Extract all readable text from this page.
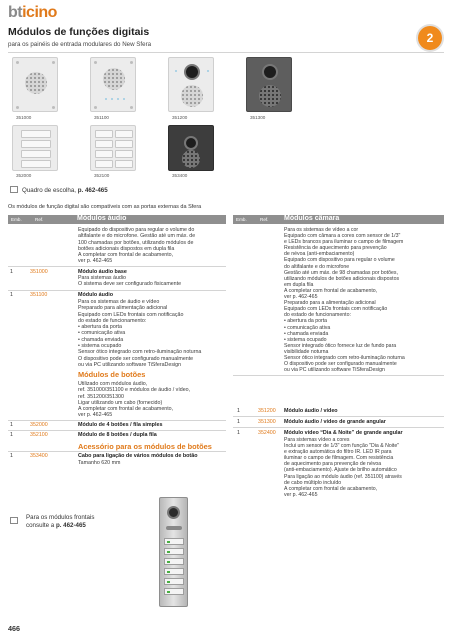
bticino
Módulos de funções digitais
para os painéis de entrada modulares do New Sfera	2
351000	351100	351200	351300
352000	352100	353400
Quadro de escolha, p. 462-465
Os módulos de função digital são compatíveis com as portas externas da Sfera
Emb.	Ref.	Módulos áudio	Emb.	Ref. Módulos câmara
Equipado do dispositivo para regular o volume do
altifalante e do microfone. Gestão até um máx. de
100 chamadas por botões, utilizando módulos de
botões adicionais dispostos em dupla fila
A completar com frontal de acabamento,
ver p. 462-465
1	351000	Módulo áudio base
Para sistemas áudio
O sistema deve ser configurado fisicamente
1	351100	Módulo áudio
Para os sistemas de áudio e vídeo
Preparado para alimentação adicional
Equipado com LEDs frontais com notificação
do estado de funcionamento:
• abertura da porta
• comunicação ativa
• chamada enviada
• sistema ocupado
Sensor ótico integrado com retro-iluminação noturna
O dispositivo pode ser configurado manualmente
ou via PC utilizando software TiSferaDesign
Módulos de botões
Utilizado com módulos áudio,
ref. 351000/351100 e módulos de áudio / vídeo,
ref. 351200/351300
Ligar utilizando um cabo (fornecido)
A completar com frontal de acabamento,
ver p. 462-465
1	352000	Módulo de 4 botões / fila simples
1	352100	Módulo de 8 botões / dupla fila
Acessório para os módulos de botões
1	353400	Cabo para ligação de vários módulos de botão
Tamanho 620 mm
Para os sistemas de vídeo a cor
Equipado com câmara a cores com sensor de 1/3"
e LEDs brancos para iluminar o campo de filmagem
Resistência de aquecimento para prevenção
de névoa (anti-embaciamento)
Equipado com dispositivo para regular o volume
do altifalante e do microfone
Gestão até um máx. de 98 chamadas por botões,
utilizando módulos de botões adicionais dispostos
em dupla fila
A completar com frontal de acabamento,
ver p. 462-465
Preparado para a alimentação adicional
Equipado com LEDs frontais com notificação
do estado de funcionamento:
• abertura da porta
• comunicação ativa
• chamada enviada
• sistema ocupado
Sensor integrado ótico fornece luz de fundo para
visibilidade noturna
Sensor ótico integrado com retro-iluminação noturna
O dispositivo pode ser configurado manualmente
ou via PC utilizando software TiSferaDesign
1	351200 Módulo áudio / vídeo
1	351300 Módulo áudio / vídeo de grande angular
1	352400 Módulo vídeo “Dia & Noite” de grande angular
Para sistemas vídeo a cores
Inclui um sensor de 1/3" com função "Dia & Noite"
e extração automática do filtro IR. LED IR para
iluminar o campo de filmagem. Com resistência
de aquecimento para prevenção de névoa
(anti-embaciamento). Ajuste de brilho automático
Para ligação ao módulo áudio (ref. 351100) através
de cabo múltiplo incluído
A completar com frontal de acabamento,
ver p. 462-465
Para os módulos frontais
consulte a p. 462-465
466
